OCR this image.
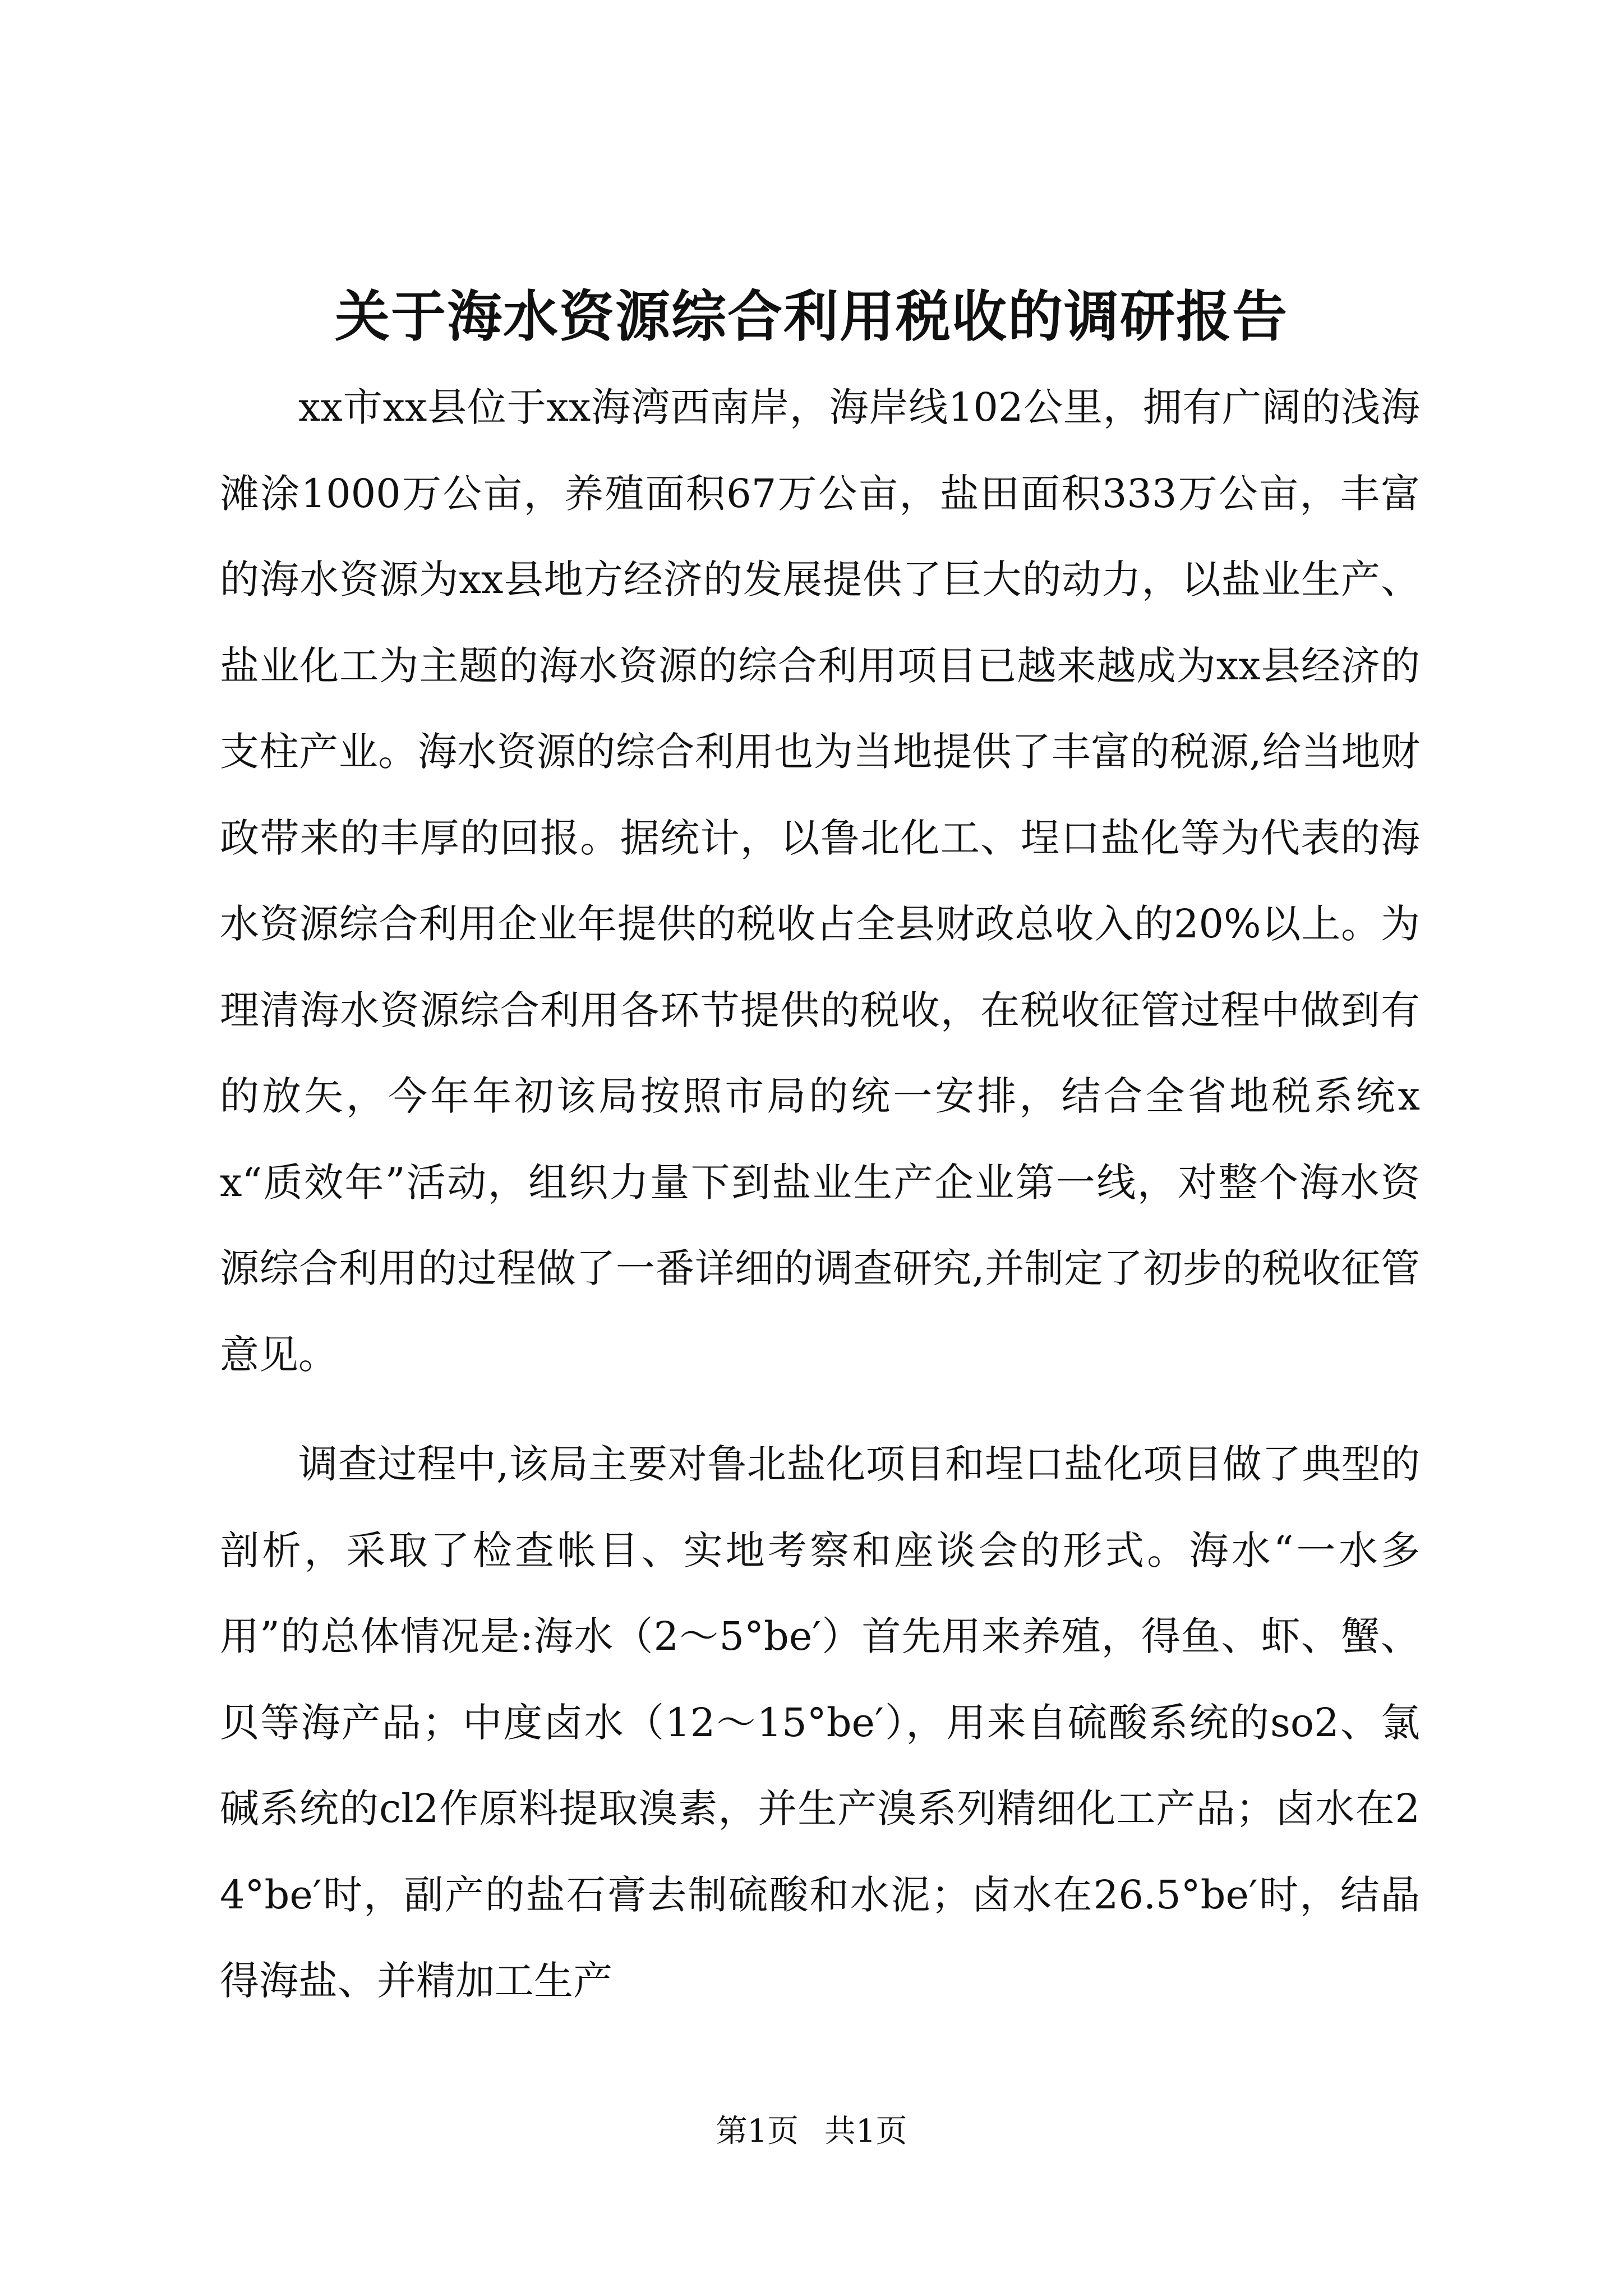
关于海水资源综合利用税收的调研报告

xx市xx县位于xx海湾西南岸，海岸线102公里，拥有广阔的浅海滩涂1000万公亩，养殖面积67万公亩，盐田面积333万公亩，丰富的海水资源为xx县地方经济的发展提供了巨大的动力，以盐业生产、盐业化工为主题的海水资源的综合利用项目已越来越成为xx县经济的支柱产业。海水资源的综合利用也为当地提供了丰富的税源,给当地财政带来的丰厚的回报。据统计，以鲁北化工、埕口盐化等为代表的海水资源综合利用企业年提供的税收占全县财政总收入的20%以上。为理清海水资源综合利用各环节提供的税收，在税收征管过程中做到有的放矢，今年年初该局按照市局的统一安排，结合全省地税系统xx“质效年”活动，组织力量下到盐业生产企业第一线，对整个海水资源综合利用的过程做了一番详细的调查研究,并制定了初步的税收征管意见。

调查过程中,该局主要对鲁北盐化项目和埕口盐化项目做了典型的剖析，采取了检查帐目、实地考察和座谈会的形式。海水“一水多用”的总体情况是:海水（2～5°be′）首先用来养殖，得鱼、虾、蟹、贝等海产品；中度卤水（12～15°be′），用来自硫酸系统的so2、氯碱系统的cl2作原料提取溴素，并生产溴系列精细化工产品；卤水在24°be′时，副产的盐石膏去制硫酸和水泥；卤水在26.5°be′时，结晶得海盐、并精加工生产

第1页 共1页
